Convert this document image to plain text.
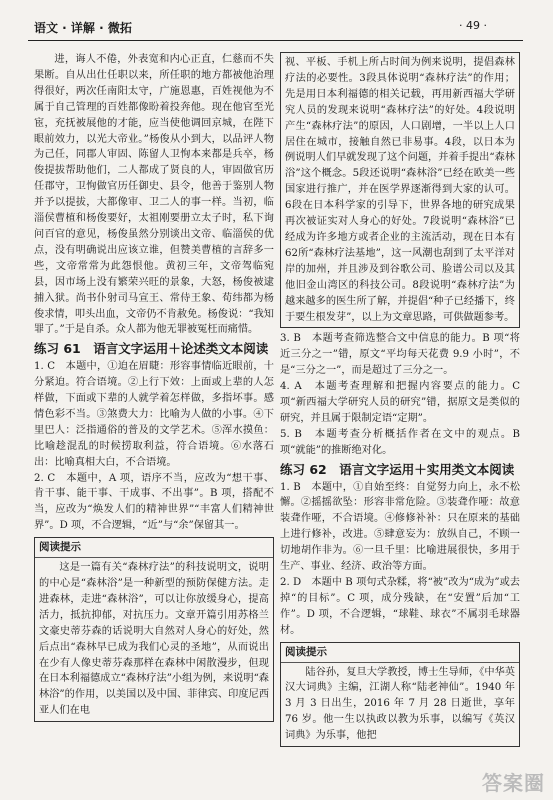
语文 · 详解 · 微拓	· 49 ·

进，诲人不倦，外表宽和内心正直，仁慈而不失果断。自从出仕任职以来，所任职的地方都被他治理得很好，两次任南阳太守，广施恩惠，百姓视他为不属于自己管理的百姓都像盼着投奔他。现在他官至光宦，充抚被展他的才能，应当使他调回京城，在陛下眼前效力，以光大帝业。”杨俊从小到大，以品评人物为己任，同郡人审固、陈留人卫恂本来都是兵卒，杨俊提拔帮助他们，二人都成了贤良的人，审固做官历任郡守，卫恂做官历任御史、县令，他善于鉴别人物并予以提拔，大都像审、卫二人的事一样。当初，临淄侯曹植和杨俊要好，太祖刚要册立太子时，私下询问百官的意见，杨俊虽然分别谈出文帝、临淄侯的优点，没有明确说出应该立谁，但赞美曹植的言辞多一些，文帝常常为此怨恨他。黄初三年，文帝驾临宛县，因市场上没有繁荣兴旺的景象，大怒，杨俊被逮捕入狱。尚书仆射司马宣王、常侍王象、荀纬都为杨俊求情，叩头出血，文帝仍不肯赦免。杨俊说：“我知罪了。”于是自杀。众人都为他无罪被冤枉而痛惜。

练习 61　语言文字运用＋论述类文本阅读

1. C　本题中，①迫在眉睫：形容事情临近眼前，十分紧迫。符合语境。②上行下效：上面或上辈的人怎样做，下面或下辈的人就学着怎样做，多指坏事。感情色彩不当。③煞费大力：比喻为人做的小事。④下里巴人：泛指通俗的普及的文学艺术。⑤浑水摸鱼：比喻趁混乱的时候捞取利益，符合语境。⑥水落石出：比喻真相大白，不合语境。

2. C　本题中，A 项，语序不当，应改为“想干事、肯干事、能干事、干成事、不出事”。B 项，搭配不当，应改为“焕发人们的精神世界”“丰富人们精神世界”。D 项，不合逻辑，“近”与“余”保留其一。

阅读提示

这是一篇有关“森林疗法”的科技说明文，说明的中心是“森林浴”是一种新型的预防保健方法。走进森林，走进“森林浴”，可以让你放缓身心，提高活力，抵抗抑郁，对抗压力。文章开篇引用苏格兰文豪史蒂芬森的话说明大自然对人身心的好处，然后点出“森林早已成为我们心灵的圣地”，从而说出在少有人像史蒂芬森那样在森林中闲散漫步，但现在日本利福德成立“森林疗法”小组为例，来说明“森林浴”的作用，以美国以及中国、菲律宾、印度尼西亚人们在电

视、平板、手机上所占时间为例来说明，提倡森林疗法的必要性。3段具体说明“森林疗法”的作用；先是用日本利福德的相关记载，再用新西福大学研究人员的发现来说明“森林疗法”的好处。4段说明产生“森林疗法”的原因，人口剧增，一半以上人口居住在城市，接触自然已非易事。4段，以日本为例说明人们早就发现了这个问题，并着手提出“森林浴”这个概念。5段还说明“森林浴”已经在欧美一些国家进行推广，并在医学界逐渐得到大家的认可。6段在日本科学家的引导下，世界各地的研究成果再次被证实对人身心的好处。7段说明“森林浴”已经成为许多地方或者企业的主流活动，现在日本有62所“森林疗法基地”，这一风潮也刮到了太平洋对岸的加州，并且涉及到谷歌公司、脸谱公司以及其他旧金山湾区的科技公司。8段说明“森林疗法”为越来越多的医生所了解，并提倡“种子已经播下，终于要生根发芽”，以上为文章思路，可供做题参考。

3. B　本题考查筛选整合文中信息的能力。B 项“将近三分之一”错，原文“平均每天花费 9.9 小时”，不是“三分之一”，而是超过了三分之一。

4. A　本题考查理解和把握内容要点的能力。C 项“新西福大学研究人员的研究”错，据原文是类似的研究，并且属于限制定语“定期”。

5. B　本题考查分析概括作者在文中的观点。B 项“就能”的推断绝对化。

练习 62　语言文字运用＋实用类文本阅读

1. B　本题中，①自始至终：自觉努力向上，永不松懈。②摇摇欲坠：形容非常危险。③装聋作哑：故意装聋作哑，不合语境。④修修补补：只在原来的基础上进行修补，改进。⑤肆意妄为：放纵自己，不顾一切地胡作非为。⑥一旦千里：比喻进展很快，多用于生产、事业、经济、政治等方面。

2. D　本题中 B 项句式杂糅，将“被”改为“成为”或去掉“的目标”。C 项，成分残缺，在“安置”后加“工作”。D 项，不合逻辑，“球鞋、球衣”不属羽毛球器材。

阅读提示

陆谷孙，复旦大学教授，博士生导师，《中华英汉大词典》主编，江湖人称“陆老神仙”。1940 年 3 月 3 日出生，2016 年 7 月 28 日逝世，享年 76 岁。他一生以执政以教为乐事，以编写《英汉词典》为乐事，他把

答案圈
